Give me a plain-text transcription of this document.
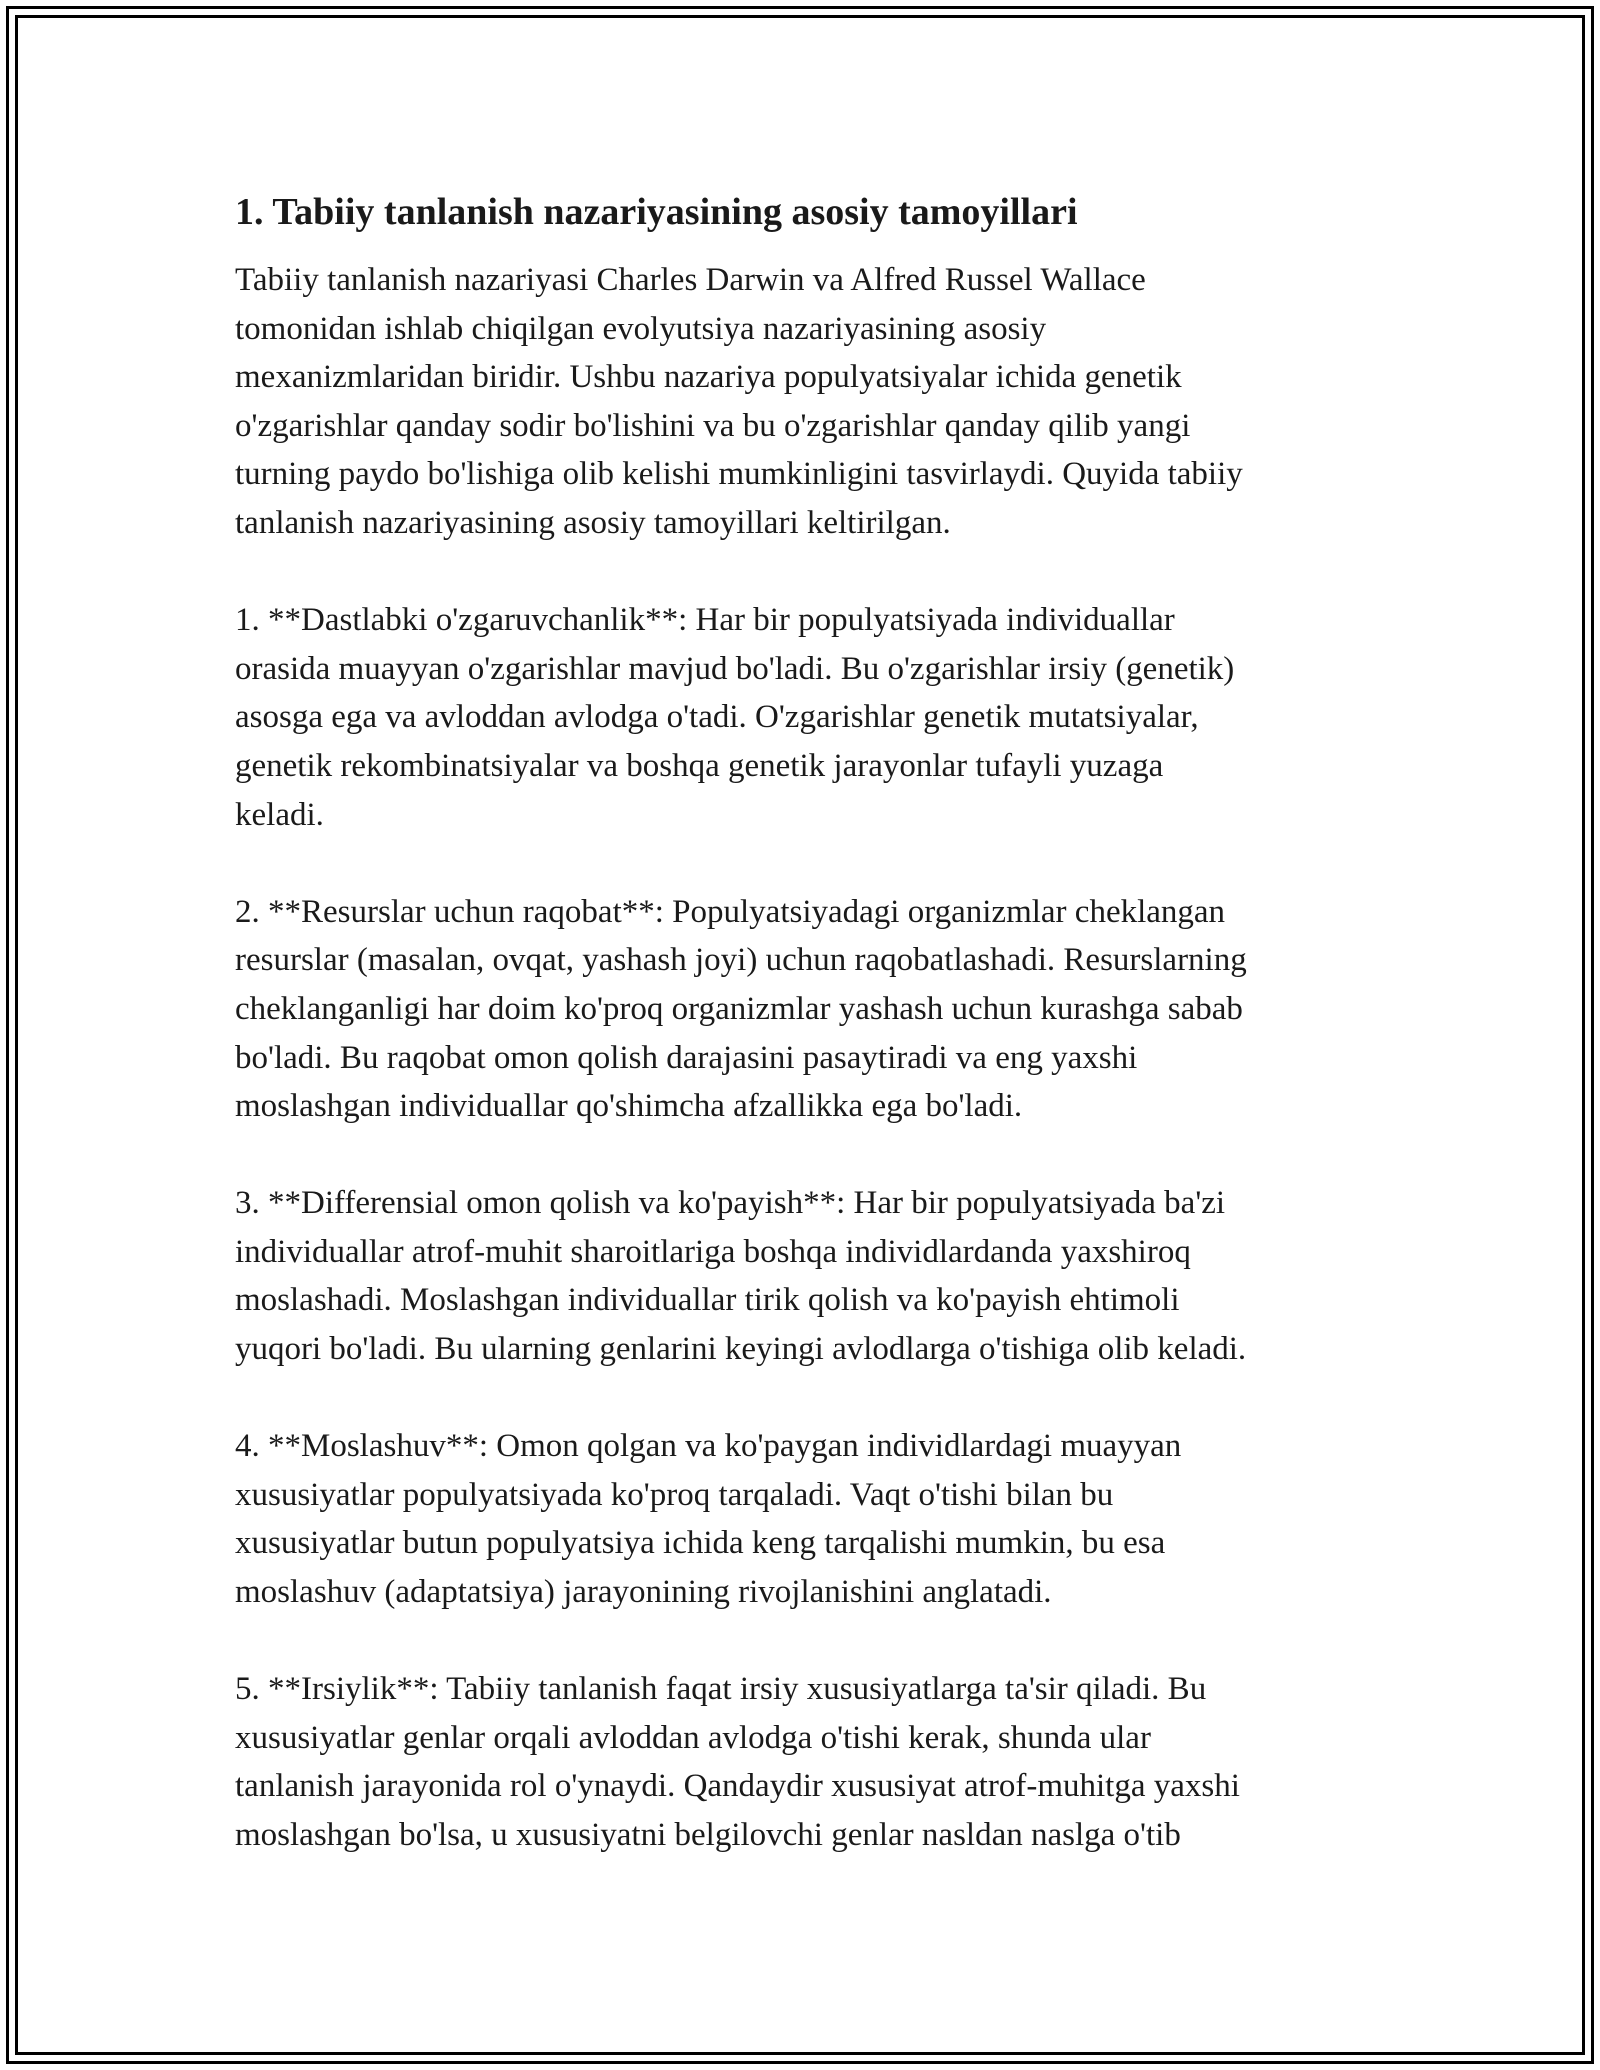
1. Tabiiy tanlanish nazariyasining asosiy tamoyillari
Tabiiy tanlanish nazariyasi Charles Darwin va Alfred Russel Wallace
tomonidan ishlab chiqilgan evolyutsiya nazariyasining asosiy
mexanizmlaridan biridir. Ushbu nazariya populyatsiyalar ichida genetik
o'zgarishlar qanday sodir bo'lishini va bu o'zgarishlar qanday qilib yangi
turning paydo bo'lishiga olib kelishi mumkinligini tasvirlaydi. Quyida tabiiy
tanlanish nazariyasining asosiy tamoyillari keltirilgan.
1. **Dastlabki o'zgaruvchanlik**: Har bir populyatsiyada individuallar
orasida muayyan o'zgarishlar mavjud bo'ladi. Bu o'zgarishlar irsiy (genetik)
asosga ega va avloddan avlodga o'tadi. O'zgarishlar genetik mutatsiyalar,
genetik rekombinatsiyalar va boshqa genetik jarayonlar tufayli yuzaga
keladi.
2. **Resurslar uchun raqobat**: Populyatsiyadagi organizmlar cheklangan
resurslar (masalan, ovqat, yashash joyi) uchun raqobatlashadi. Resurslarning
cheklanganligi har doim ko'proq organizmlar yashash uchun kurashga sabab
bo'ladi. Bu raqobat omon qolish darajasini pasaytiradi va eng yaxshi
moslashgan individuallar qo'shimcha afzallikka ega bo'ladi.
3. **Differensial omon qolish va ko'payish**: Har bir populyatsiyada ba'zi
individuallar atrof-muhit sharoitlariga boshqa individlardanda yaxshiroq
moslashadi. Moslashgan individuallar tirik qolish va ko'payish ehtimoli
yuqori bo'ladi. Bu ularning genlarini keyingi avlodlarga o'tishiga olib keladi.
4. **Moslashuv**: Omon qolgan va ko'paygan individlardagi muayyan
xususiyatlar populyatsiyada ko'proq tarqaladi. Vaqt o'tishi bilan bu
xususiyatlar butun populyatsiya ichida keng tarqalishi mumkin, bu esa
moslashuv (adaptatsiya) jarayonining rivojlanishini anglatadi.
5. **Irsiylik**: Tabiiy tanlanish faqat irsiy xususiyatlarga ta'sir qiladi. Bu
xususiyatlar genlar orqali avloddan avlodga o'tishi kerak, shunda ular
tanlanish jarayonida rol o'ynaydi. Qandaydir xususiyat atrof-muhitga yaxshi
moslashgan bo'lsa, u xususiyatni belgilovchi genlar nasldan naslga o'tib
